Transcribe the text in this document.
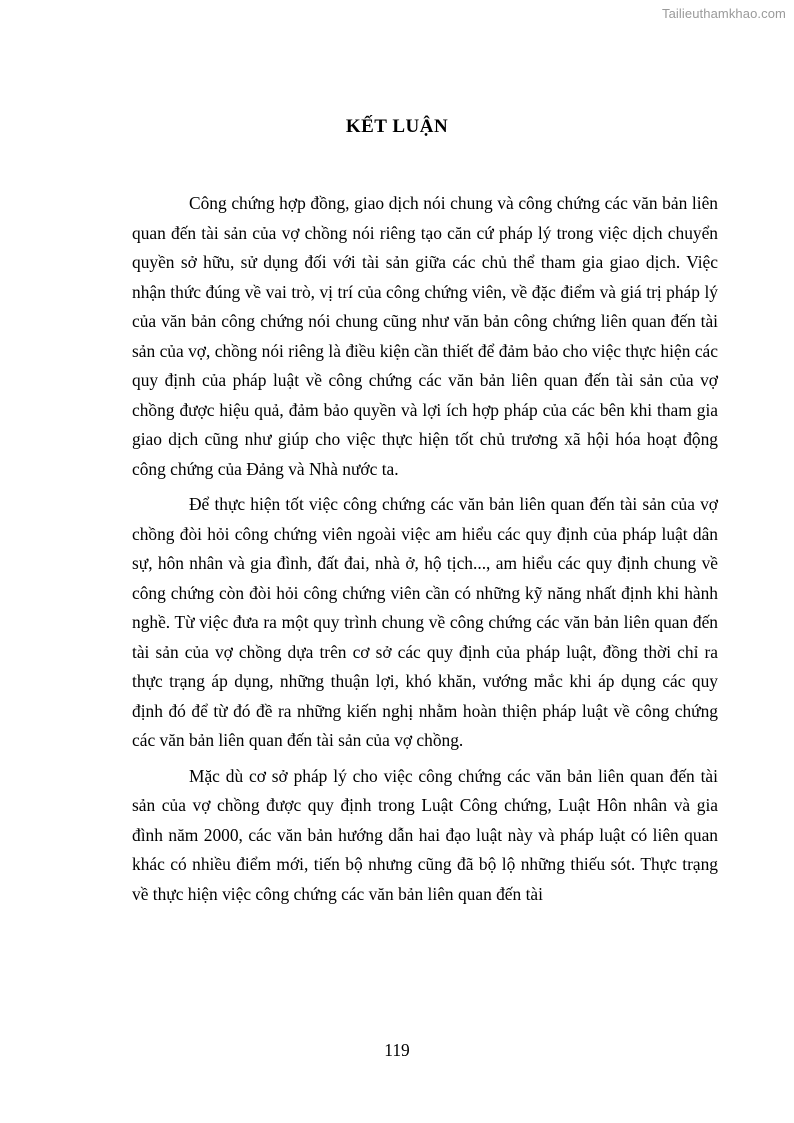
Tailieuthamkhao.com
KẾT LUẬN

Công chứng hợp đồng, giao dịch nói chung và công chứng các văn bản liên quan đến tài sản của vợ chồng nói riêng tạo căn cứ pháp lý trong việc dịch chuyển quyền sở hữu, sử dụng đối với tài sản giữa các chủ thể tham gia giao dịch. Việc nhận thức đúng về vai trò, vị trí của công chứng viên, về đặc điểm và giá trị pháp lý của văn bản công chứng nói chung cũng như văn bản công chứng liên quan đến tài sản của vợ, chồng nói riêng là điều kiện cần thiết để đảm bảo cho việc thực hiện các quy định của pháp luật về công chứng các văn bản liên quan đến tài sản của vợ chồng được hiệu quả, đảm bảo quyền và lợi ích hợp pháp của các bên khi tham gia giao dịch cũng như giúp cho việc thực hiện tốt chủ trương xã hội hóa hoạt động công chứng của Đảng và Nhà nước ta.

Để thực hiện tốt việc công chứng các văn bản liên quan đến tài sản của vợ chồng đòi hỏi công chứng viên ngoài việc am hiểu các quy định của pháp luật dân sự, hôn nhân và gia đình, đất đai, nhà ở, hộ tịch..., am hiểu các quy định chung về công chứng còn đòi hỏi công chứng viên cần có những kỹ năng nhất định khi hành nghề. Từ việc đưa ra một quy trình chung về công chứng các văn bản liên quan đến tài sản của vợ chồng dựa trên cơ sở các quy định của pháp luật, đồng thời chỉ ra thực trạng áp dụng, những thuận lợi, khó khăn, vướng mắc khi áp dụng các quy định đó để từ đó đề ra những kiến nghị nhằm hoàn thiện pháp luật về công chứng các văn bản liên quan đến tài sản của vợ chồng.

Mặc dù cơ sở pháp lý cho việc công chứng các văn bản liên quan đến tài sản của vợ chồng được quy định trong Luật Công chứng, Luật Hôn nhân và gia đình năm 2000, các văn bản hướng dẫn hai đạo luật này và pháp luật có liên quan khác có nhiều điểm mới, tiến bộ nhưng cũng đã bộ lộ những thiếu sót. Thực trạng về thực hiện việc công chứng các văn bản liên quan đến tài

119
